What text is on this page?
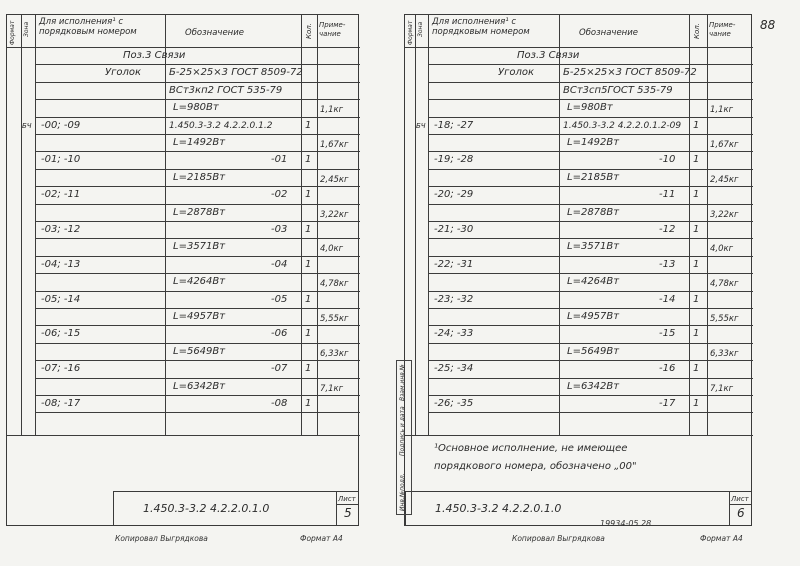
88
Формат Зона Для исполнения¹ с порядковым номером	Обозначение	Кол. Приме-чание
БЧ
Поз.3 Связи
Уголок	Б-25×25×3 ГОСТ 8509-72
ВСт3кп2 ГОСТ 535-79
L=980Вт	1,1кг
-00; -09	1.450.3-3.2 4.2.2.0.1.2	1
L=1492Вт	1,67кг
-01; -10	-01 1
L=2185Вт	2,45кг
-02; -11	-02 1
L=2878Вт	3,22кг
-03; -12	-03 1
L=3571Вт	4,0кг
-04; -13	-04 1
L=4264Вт	4,78кг
-05; -14	-05 1
L=4957Вт	5,55кг
-06; -15	-06 1
L=5649Вт	6,33кг
-07; -16	-07 1
L=6342Вт	7,1кг
-08; -17	-08 1
1.450.3-3.2 4.2.2.0.1.0
Лист
5
Формат Зона Для исполнения¹ с порядковым номером	Обозначение	Кол. Приме-чание
БЧ
Поз.3 Связи
Уголок	Б-25×25×3 ГОСТ 8509-72
ВСт3сп5ГОСТ 535-79
L=980Вт	1,1кг
-18; -27	1.450.3-3.2 4.2.2.0.1.2-09 1
L=1492Вт	1,67кг
-19; -28	-10 1
L=2185Вт	2,45кг
-20; -29	-11 1
L=2878Вт	3,22кг
-21; -30	-12 1
L=3571Вт	4,0кг
-22; -31	-13 1
L=4264Вт	4,78кг
-23; -32	-14 1
L=4957Вт	5,55кг
-24; -33	-15 1
L=5649Вт	6,33кг
-25; -34	-16 1
L=6342Вт	7,1кг
-26; -35	-17 1
¹Основное исполнение, не имеющее
порядкового номера, обозначено „00"
1.450.3-3.2 4.2.2.0.1.0
Лист
6
Инв.№подл.
Подпись и дата
Взам.инв.№
Копировал Выгрядкова	Формат А4	Копировал Выгрядкова	Формат А4
19934-05 28
